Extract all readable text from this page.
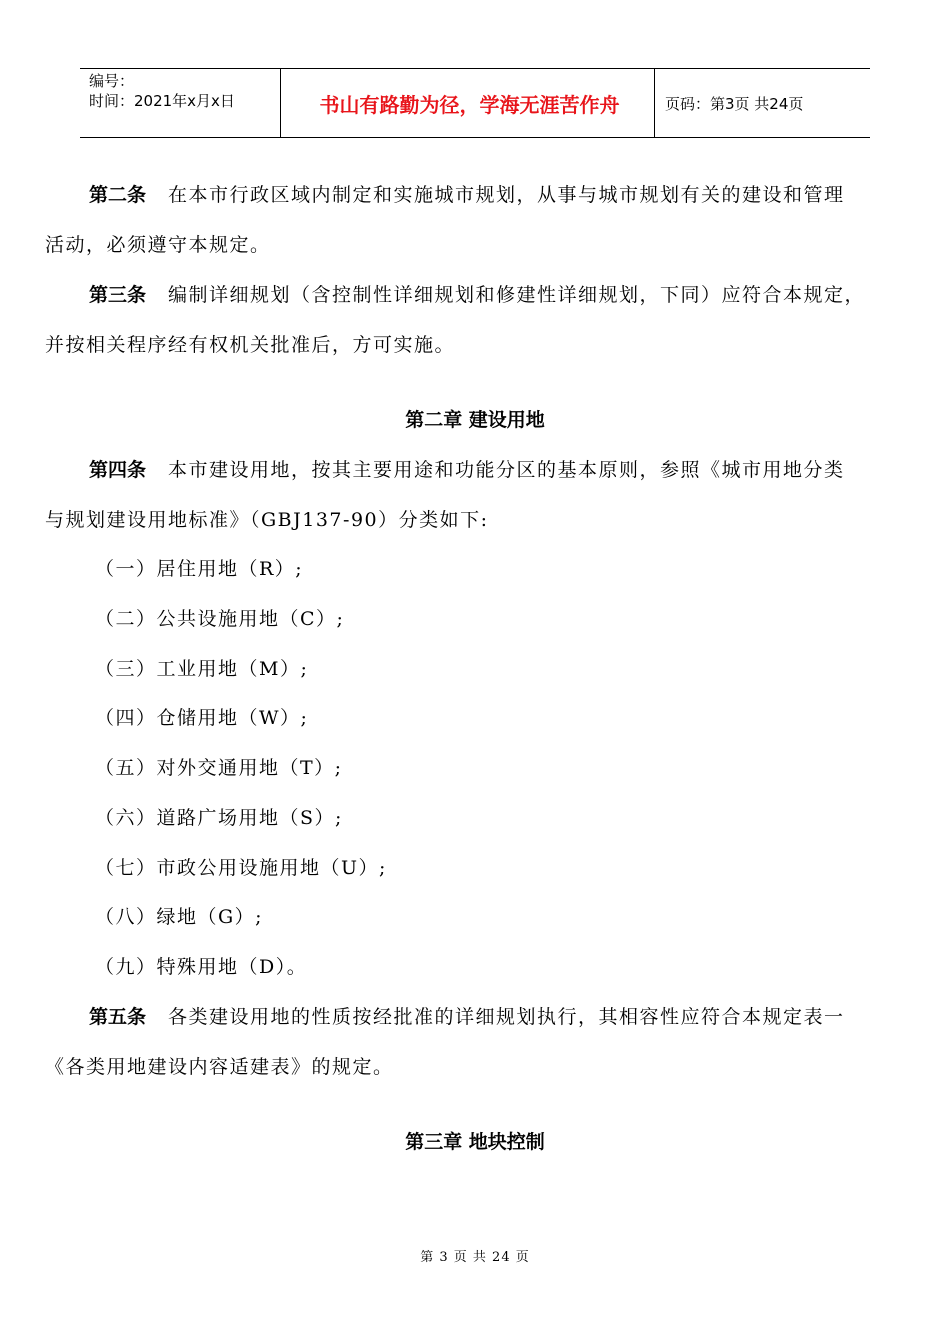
编号：
时间：2021年x月x日	书山有路勤为径，学海无涯苦作舟	页码：第3页 共24页
第二条 在本市行政区域内制定和实施城市规划，从事与城市规划有关的建设和管理
活动，必须遵守本规定。
第三条 编制详细规划（含控制性详细规划和修建性详细规划，下同）应符合本规定，
并按相关程序经有权机关批准后，方可实施。
第二章 建设用地
第四条 本市建设用地，按其主要用途和功能分区的基本原则，参照《城市用地分类
与规划建设用地标准》（GBJ137-90）分类如下:
（一）居住用地（R）;
（二）公共设施用地（C）;
（三）工业用地（M）;
（四）仓储用地（W）;
（五）对外交通用地（T）;
（六）道路广场用地（S）;
（七）市政公用设施用地（U）;
（八）绿地（G）;
（九）特殊用地（D）。
第五条 各类建设用地的性质按经批准的详细规划执行，其相容性应符合本规定表一
《各类用地建设内容适建表》的规定。
第三章 地块控制
第 3 页 共 24 页
